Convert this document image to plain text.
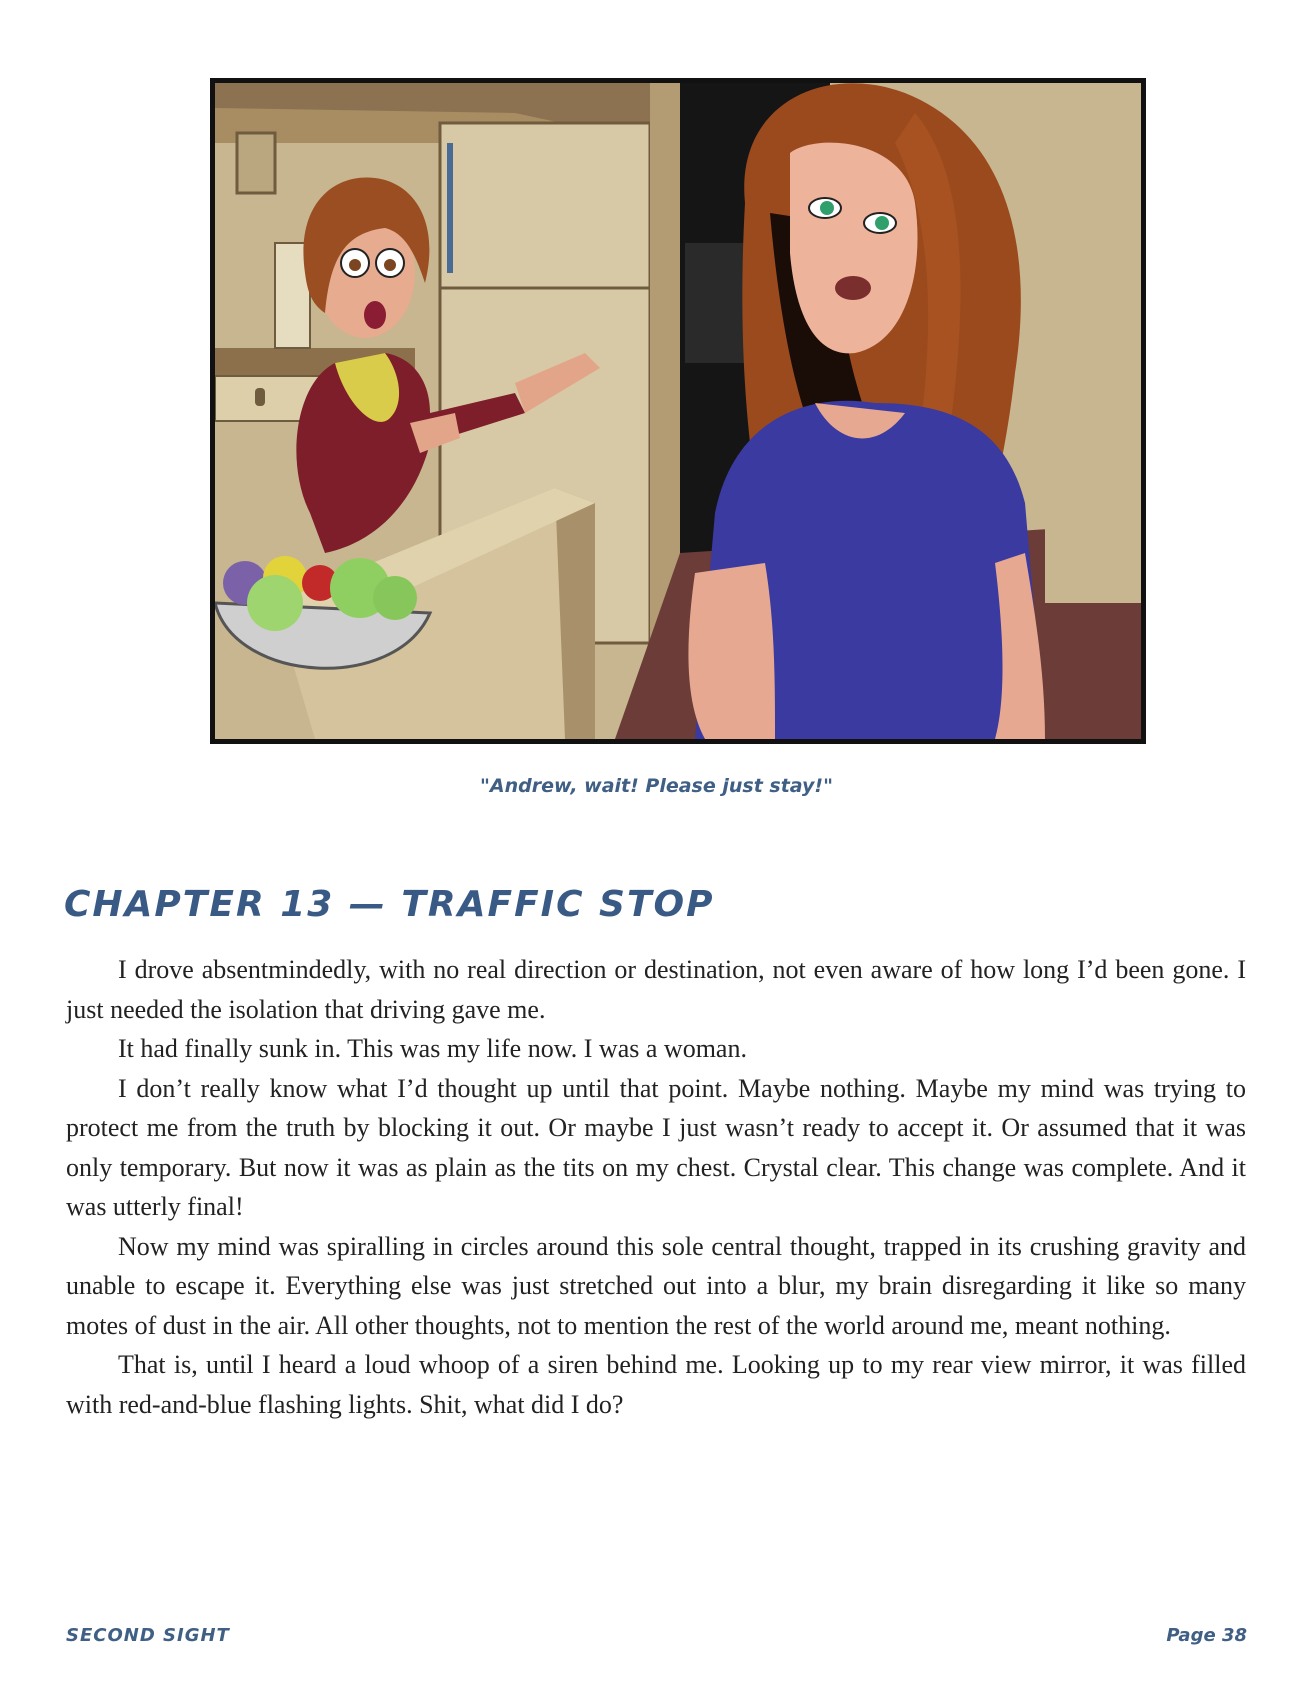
"Andrew, wait! Please just stay!"
CHAPTER 13 — TRAFFIC STOP

I drove absentmindedly, with no real direction or destination, not even aware of how long I’d been gone. I just needed the isolation that driving gave me.

It had finally sunk in. This was my life now. I was a woman.

I don’t really know what I’d thought up until that point. Maybe nothing. Maybe my mind was trying to protect me from the truth by blocking it out. Or maybe I just wasn’t ready to accept it. Or assumed that it was only temporary. But now it was as plain as the tits on my chest. Crystal clear. This change was complete. And it was utterly final!

Now my mind was spiralling in circles around this sole central thought, trapped in its crushing gravity and unable to escape it. Everything else was just stretched out into a blur, my brain disregarding it like so many motes of dust in the air. All other thoughts, not to mention the rest of the world around me, meant nothing.

That is, until I heard a loud whoop of a siren behind me. Looking up to my rear view mirror, it was filled with red-and-blue flashing lights. Shit, what did I do?

SECOND SIGHT	Page 38
